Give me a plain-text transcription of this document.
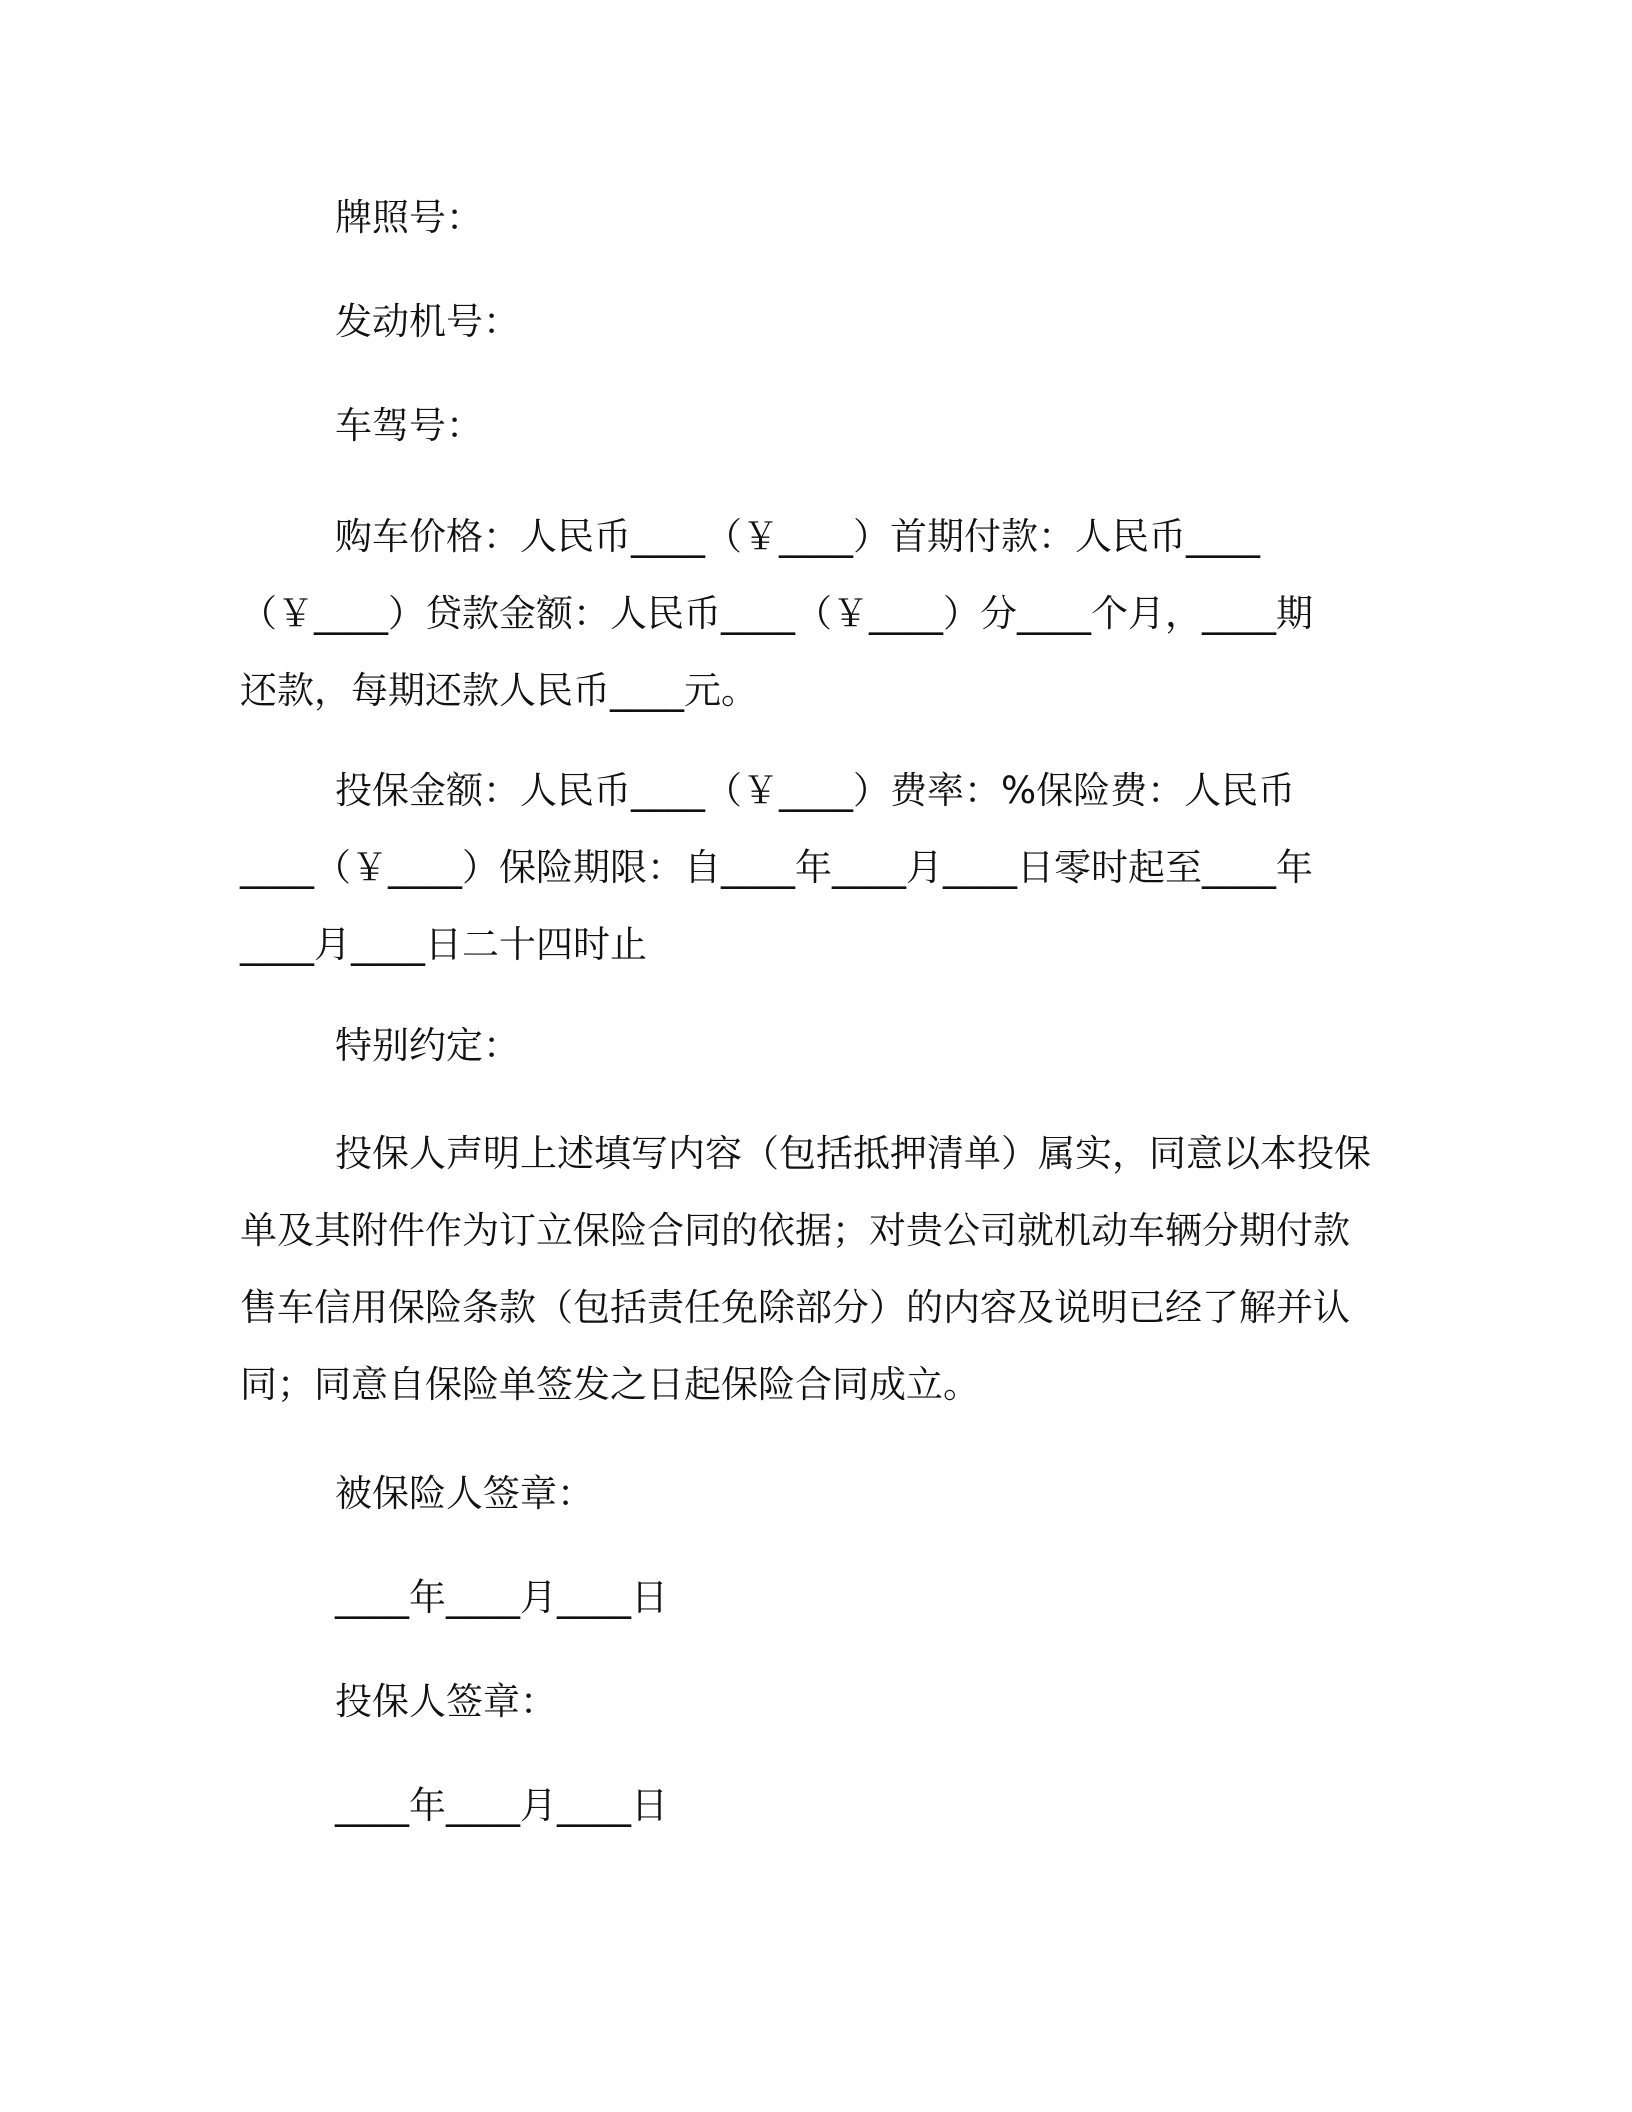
牌照号：

发动机号：

车驾号：

购车价格：人民币____（￥____）首期付款：人民币____

（￥____）贷款金额：人民币____（￥____）分____个月，____期

还款，每期还款人民币____元。

投保金额：人民币____（￥____）费率：%保险费：人民币

____（￥____）保险期限：自____年____月____日零时起至____年

____月____日二十四时止

特别约定：

投保人声明上述填写内容（包括抵押清单）属实，同意以本投保

单及其附件作为订立保险合同的依据；对贵公司就机动车辆分期付款

售车信用保险条款（包括责任免除部分）的内容及说明已经了解并认

同；同意自保险单签发之日起保险合同成立。

被保险人签章：

____年____月____日

投保人签章：

____年____月____日
